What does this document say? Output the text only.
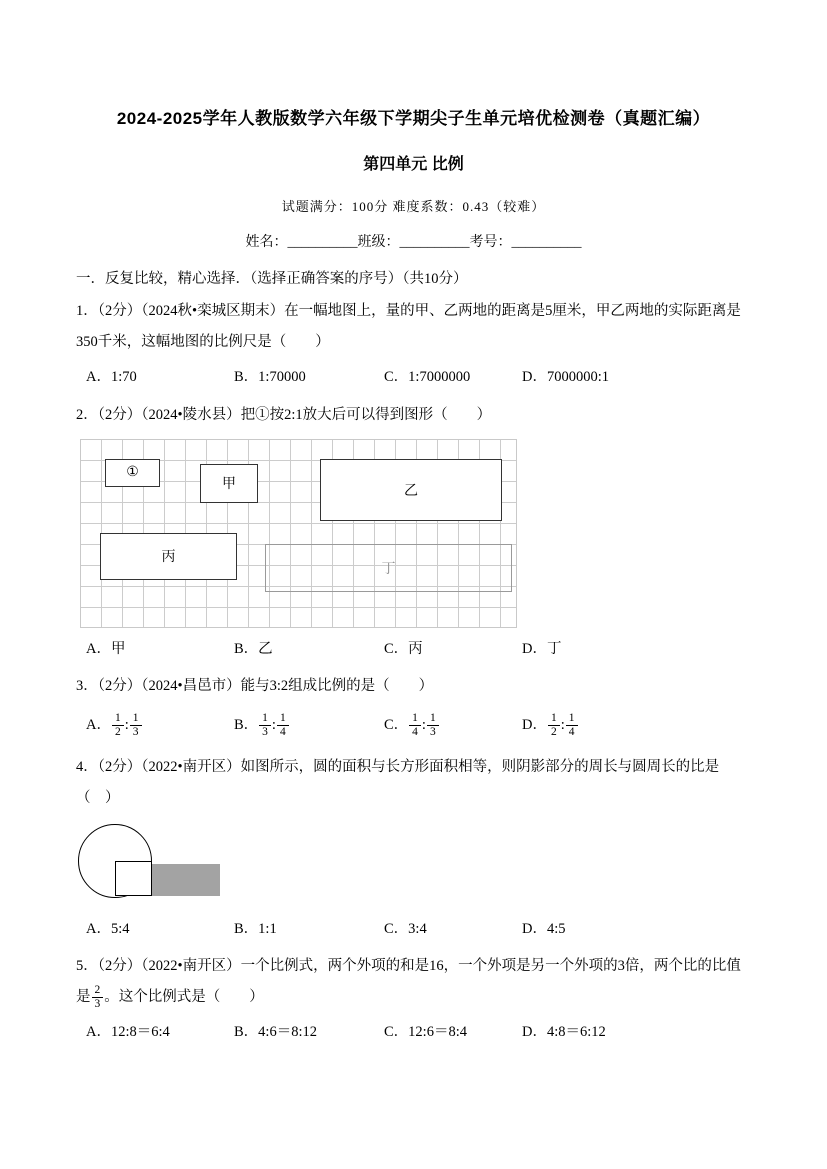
2024-2025学年人教版数学六年级下学期尖子生单元培优检测卷（真题汇编）
第四单元 比例
试题满分：100分 难度系数：0.43（较难）
姓名：__________班级：__________考号：__________
一．反复比较，精心选择．（选择正确答案的序号）（共10分）

1．（2分）（2024秋•栾城区期末）在一幅地图上，量的甲、乙两地的距离是5厘米，甲乙两地的实际距离是350千米，这幅地图的比例尺是（　　）

A．1:70	B．1:70000	C．1:7000000	D．7000000:1

2．（2分）（2024•陵水县）把①按2:1放大后可以得到图形（　　）

①
甲	乙
丙
丁
A．甲	B．乙	C．丙	D．丁

3．（2分）（2024•昌邑市）能与3:2组成比例的是（　　）

A． $\frac{1}{2}$ : $\frac{1}{3}$	B． $\frac{1}{3}$ : $\frac{1}{4}$	C． $\frac{1}{4}$ : $\frac{1}{3}$	D． $\frac{1}{2}$ : $\frac{1}{4}$

4．（2分）（2022•南开区）如图所示，圆的面积与长方形面积相等，则阴影部分的周长与圆周长的比是（　）

A．5:4	B．1:1	C．3:4	D．4:5

5．（2分）（2022•南开区）一个比例式，两个外项的和是16，一个外项是另一个外项的3倍，两个比的比值是 $\frac{2}{3}$ 。这个比例式是（　　）

A．12:8＝6:4	B．4:6＝8:12	C．12:6＝8:4	D．4:8＝6:12
